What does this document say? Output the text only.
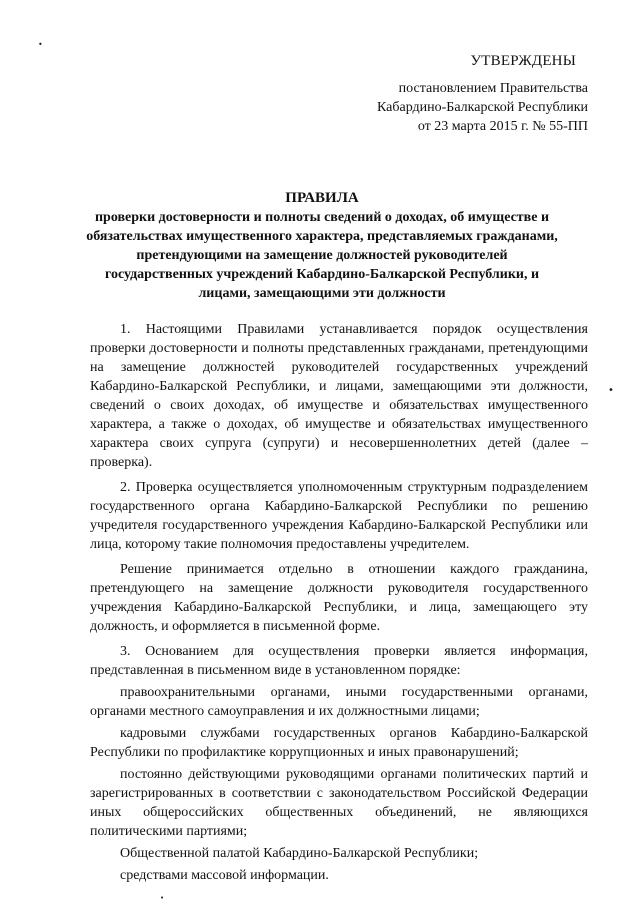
•
•
•
УТВЕРЖДЕНЫ
постановлением Правительства
Кабардино-Балкарской Республики
от 23 марта 2015 г. № 55-ПП
ПРАВИЛА
проверки достоверности и полноты сведений о доходах, об имуществе и обязательствах имущественного характера, представляемых гражданами, претендующими на замещение должностей руководителей государственных учреждений Кабардино-Балкарской Республики, и лицами, замещающими эти должности

1. Настоящими Правилами устанавливается порядок осуществления проверки достоверности и полноты представленных гражданами, претендующими на замещение должностей руководителей государственных учреждений Кабардино-Балкарской Республики, и лицами, замещающими эти должности, сведений о своих доходах, об имуществе и обязательствах имущественного характера, а также о доходах, об имуществе и обязательствах имущественного характера своих супруга (супруги) и несовершеннолетних детей (далее – проверка).

2. Проверка осуществляется уполномоченным структурным подразделением государственного органа Кабардино-Балкарской Республики по решению учредителя государственного учреждения Кабардино-Балкарской Республики или лица, которому такие полномочия предоставлены учредителем.

Решение принимается отдельно в отношении каждого гражданина, претендующего на замещение должности руководителя государственного учреждения Кабардино-Балкарской Республики, и лица, замещающего эту должность, и оформляется в письменной форме.

3. Основанием для осуществления проверки является информация, представленная в письменном виде в установленном порядке:

правоохранительными органами, иными государственными органами, органами местного самоуправления и их должностными лицами;

кадровыми службами государственных органов Кабардино-Балкарской Республики по профилактике коррупционных и иных правонарушений;

постоянно действующими руководящими органами политических партий и зарегистрированных в соответствии с законодательством Российской Федерации иных общероссийских общественных объединений, не являющихся политическими партиями;

Общественной палатой Кабардино-Балкарской Республики;

средствами массовой информации.
